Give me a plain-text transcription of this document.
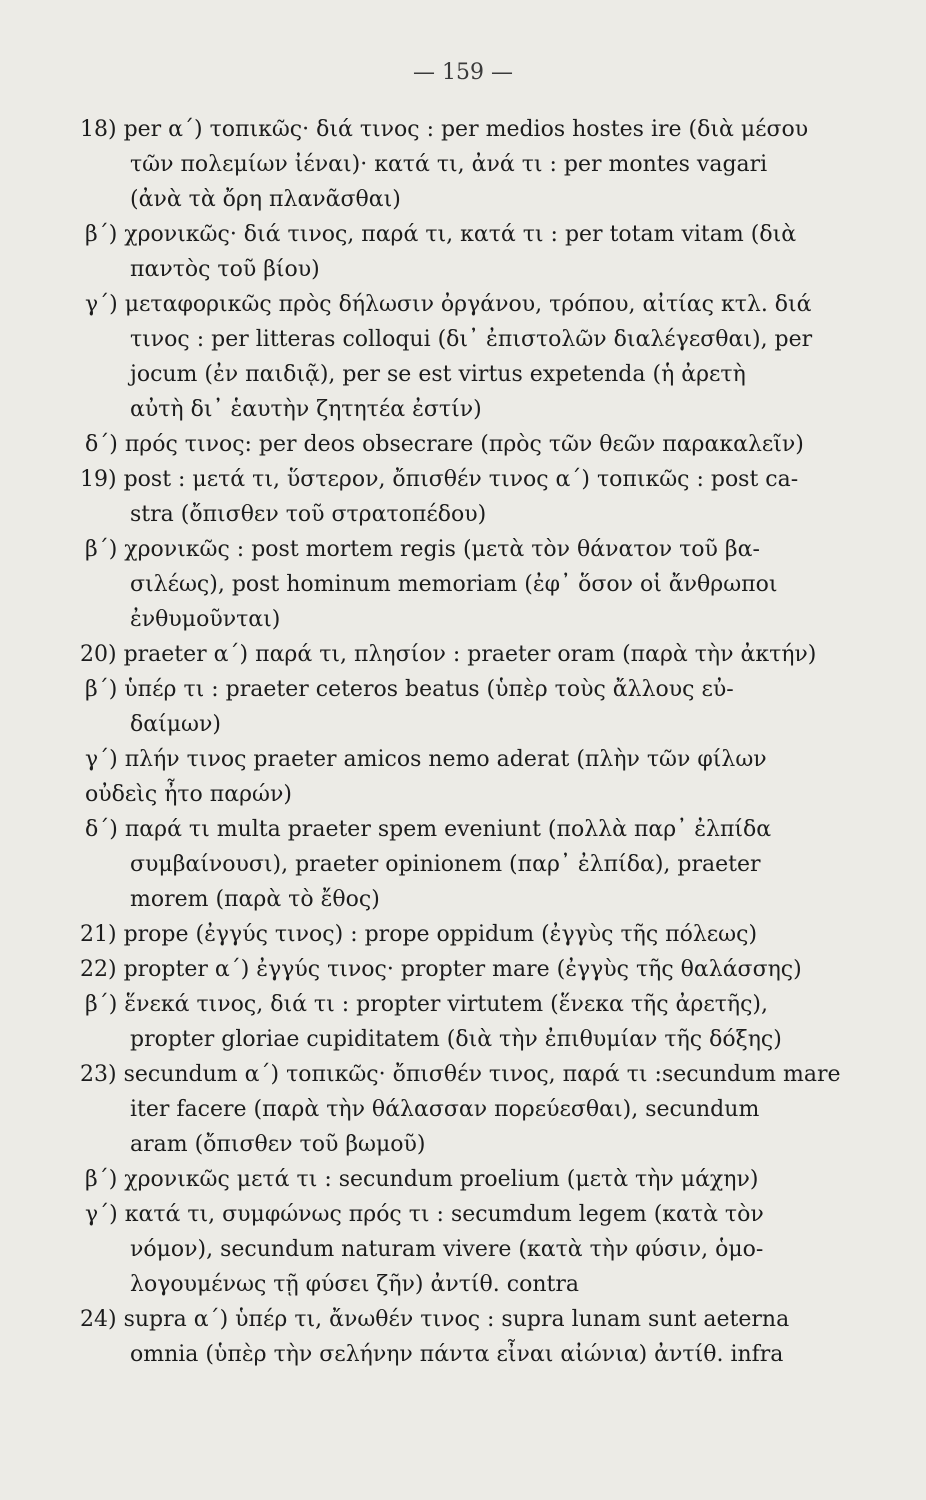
— 159 —
18) per α΄) τοπικῶς· διά τινος : per medios hostes ire (διὰ μέσου
τῶν πολεμίων ἰέναι)· κατά τι, ἀνά τι : per montes vagari
(ἀνὰ τὰ ὄρη πλανᾶσθαι)
β΄) χρονικῶς· διά τινος, παρά τι, κατά τι : per totam vitam (διὰ
παντὸς τοῦ βίου)
γ΄) μεταφορικῶς πρὸς δήλωσιν ὀργάνου, τρόπου, αἰτίας κτλ. διά
τινος : per litteras colloqui (δι᾽ ἐπιστολῶν διαλέγεσθαι), per
jocum (ἐν παιδιᾷ), per se est virtus expetenda (ἡ ἀρετὴ
αὐτὴ δι᾽ ἑαυτὴν ζητητέα ἐστίν)
δ΄) πρός τινος: per deos obsecrare (πρὸς τῶν θεῶν παρακαλεῖν)
19) post : μετά τι, ὕστερον, ὄπισθέν τινος α΄) τοπικῶς : post ca-
stra (ὄπισθεν τοῦ στρατοπέδου)
β΄) χρονικῶς : post mortem regis (μετὰ τὸν θάνατον τοῦ βα-
σιλέως), post hominum memoriam (ἐφ᾽ ὅσον οἱ ἄνθρωποι
ἐνθυμοῦνται)
20) praeter α΄) παρά τι, πλησίον : praeter oram (παρὰ τὴν ἀκτήν)
β΄) ὑπέρ τι : praeter ceteros beatus (ὑπὲρ τοὺς ἄλλους εὐ-
δαίμων)
γ΄) πλήν τινος praeter amicos nemo aderat (πλὴν τῶν φίλων
οὐδεὶς ἦτο παρών)
δ΄) παρά τι multa praeter spem eveniunt (πολλὰ παρ᾽ ἐλπίδα
συμβαίνουσι), praeter opinionem (παρ᾽ ἐλπίδα), praeter
morem (παρὰ τὸ ἔθος)
21) prope (ἐγγύς τινος) : prope oppidum (ἐγγὺς τῆς πόλεως)
22) propter α΄) ἐγγύς τινος· propter mare (ἐγγὺς τῆς θαλάσσης)
β΄) ἕνεκά τινος, διά τι : propter virtutem (ἕνεκα τῆς ἀρετῆς),
propter gloriae cupiditatem (διὰ τὴν ἐπιθυμίαν τῆς δόξης)
23) secundum α΄) τοπικῶς· ὄπισθέν τινος, παρά τι :secundum mare
iter facere (παρὰ τὴν θάλασσαν πορεύεσθαι), secundum
aram (ὄπισθεν τοῦ βωμοῦ)
β΄) χρονικῶς μετά τι : secundum proelium (μετὰ τὴν μάχην)
γ΄) κατά τι, συμφώνως πρός τι : secumdum legem (κατὰ τὸν
νόμον), secundum naturam vivere (κατὰ τὴν φύσιν, ὁμο-
λογουμένως τῇ φύσει ζῆν) ἀντίθ. contra
24) supra α΄) ὑπέρ τι, ἄνωθέν τινος : supra lunam sunt aeterna
omnia (ὑπὲρ τὴν σελήνην πάντα εἶναι αἰώνια) ἀντίθ. infra
